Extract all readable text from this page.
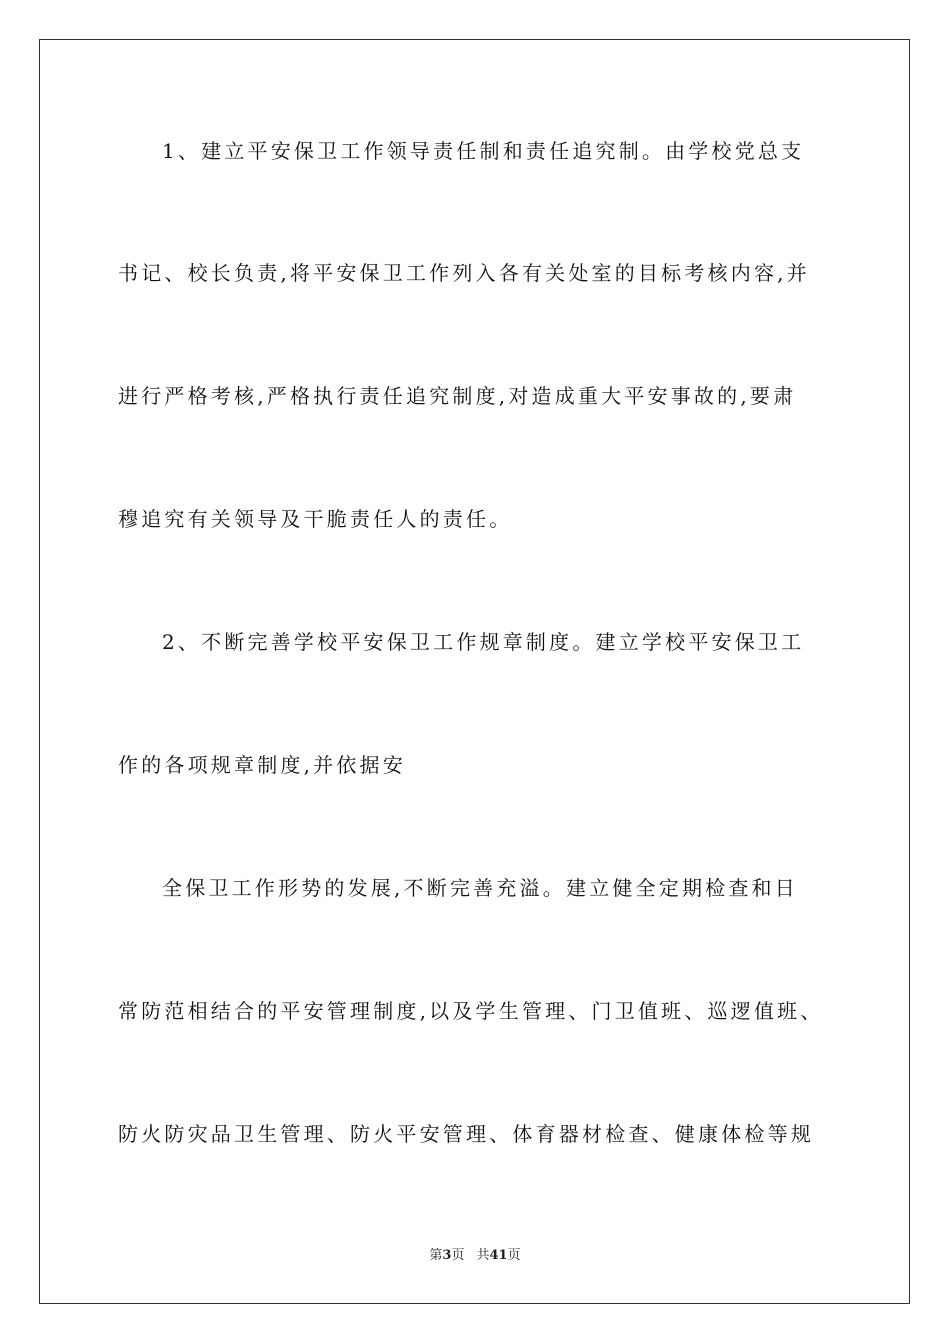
1、建立平安保卫工作领导责任制和责任追究制。由学校党总支
书记、校长负责,将平安保卫工作列入各有关处室的目标考核内容,并
进行严格考核,严格执行责任追究制度,对造成重大平安事故的,要肃
穆追究有关领导及干脆责任人的责任。
2、不断完善学校平安保卫工作规章制度。建立学校平安保卫工
作的各项规章制度,并依据安
全保卫工作形势的发展,不断完善充溢。建立健全定期检查和日
常防范相结合的平安管理制度,以及学生管理、门卫值班、巡逻值班、
防火防灾品卫生管理、防火平安管理、体育器材检查、健康体检等规
第3页 共41页
